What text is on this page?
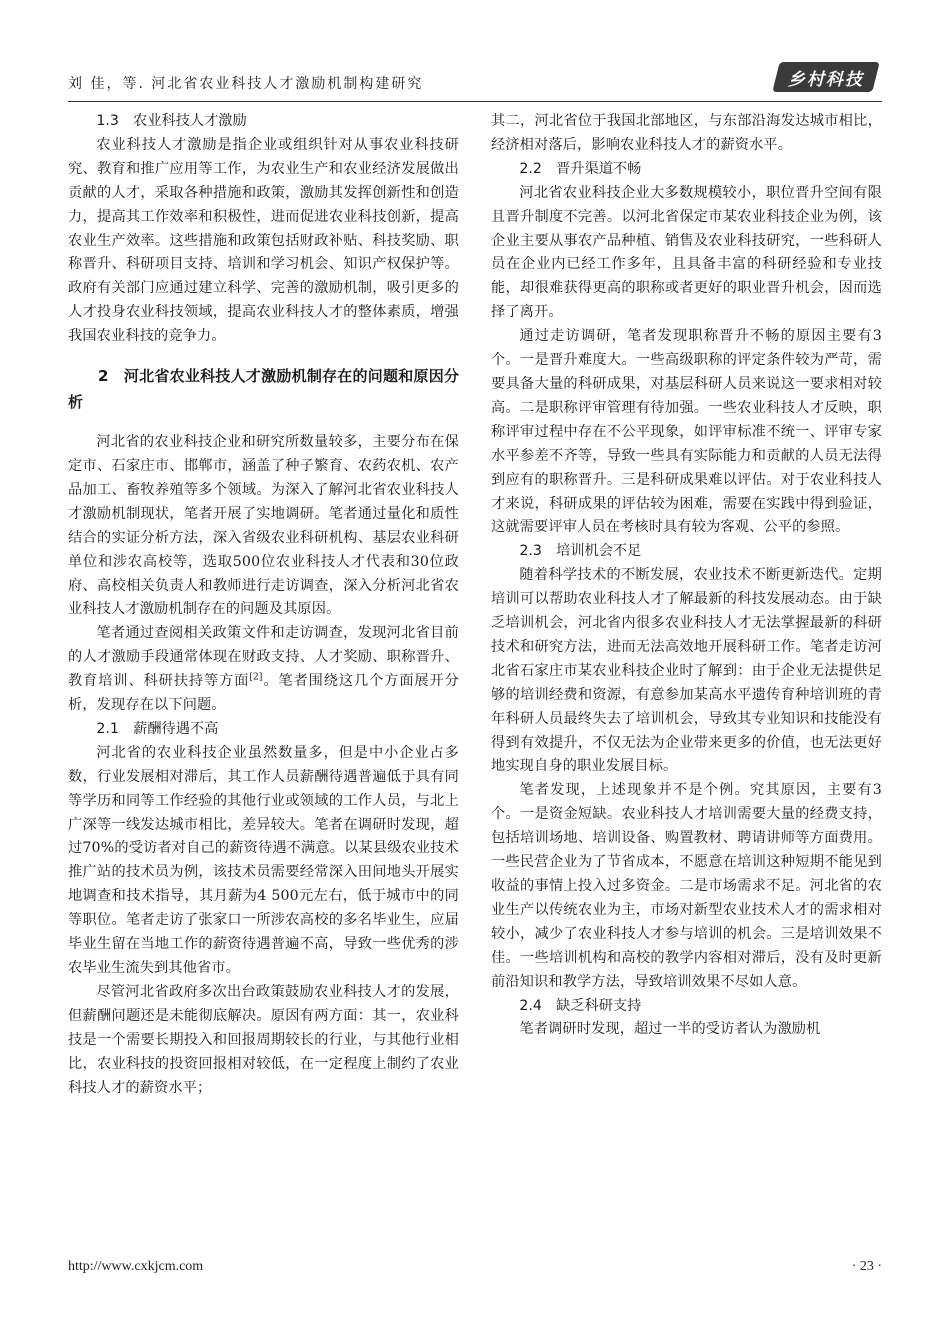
刘 佳，等. 河北省农业科技人才激励机制构建研究	乡村科技

1.3　农业科技人才激励

农业科技人才激励是指企业或组织针对从事农业科技研究、教育和推广应用等工作，为农业生产和农业经济发展做出贡献的人才，采取各种措施和政策，激励其发挥创新性和创造力，提高其工作效率和积极性，进而促进农业科技创新，提高农业生产效率。这些措施和政策包括财政补贴、科技奖励、职称晋升、科研项目支持、培训和学习机会、知识产权保护等。政府有关部门应通过建立科学、完善的激励机制，吸引更多的人才投身农业科技领域，提高农业科技人才的整体素质，增强我国农业科技的竞争力。

2　河北省农业科技人才激励机制存在的问题和原因分析

河北省的农业科技企业和研究所数量较多，主要分布在保定市、石家庄市、邯郸市，涵盖了种子繁育、农药农机、农产品加工、畜牧养殖等多个领域。为深入了解河北省农业科技人才激励机制现状，笔者开展了实地调研。笔者通过量化和质性结合的实证分析方法，深入省级农业科研机构、基层农业科研单位和涉农高校等，选取500位农业科技人才代表和30位政府、高校相关负责人和教师进行走访调查，深入分析河北省农业科技人才激励机制存在的问题及其原因。

笔者通过查阅相关政策文件和走访调查，发现河北省目前的人才激励手段通常体现在财政支持、人才奖励、职称晋升、教育培训、科研扶持等方面[2]。笔者围绕这几个方面展开分析，发现存在以下问题。

2.1　薪酬待遇不高

河北省的农业科技企业虽然数量多，但是中小企业占多数，行业发展相对滞后，其工作人员薪酬待遇普遍低于具有同等学历和同等工作经验的其他行业或领域的工作人员，与北上广深等一线发达城市相比，差异较大。笔者在调研时发现，超过70%的受访者对自己的薪资待遇不满意。以某县级农业技术推广站的技术员为例，该技术员需要经常深入田间地头开展实地调查和技术指导，其月薪为4 500元左右，低于城市中的同等职位。笔者走访了张家口一所涉农高校的多名毕业生，应届毕业生留在当地工作的薪资待遇普遍不高，导致一些优秀的涉农毕业生流失到其他省市。

尽管河北省政府多次出台政策鼓励农业科技人才的发展，但薪酬问题还是未能彻底解决。原因有两方面：其一，农业科技是一个需要长期投入和回报周期较长的行业，与其他行业相比，农业科技的投资回报相对较低，在一定程度上制约了农业科技人才的薪资水平；

其二，河北省位于我国北部地区，与东部沿海发达城市相比，经济相对落后，影响农业科技人才的薪资水平。

2.2　晋升渠道不畅

河北省农业科技企业大多数规模较小，职位晋升空间有限且晋升制度不完善。以河北省保定市某农业科技企业为例，该企业主要从事农产品种植、销售及农业科技研究，一些科研人员在企业内已经工作多年，且具备丰富的科研经验和专业技能，却很难获得更高的职称或者更好的职业晋升机会，因而选择了离开。

通过走访调研，笔者发现职称晋升不畅的原因主要有3个。一是晋升难度大。一些高级职称的评定条件较为严苛，需要具备大量的科研成果，对基层科研人员来说这一要求相对较高。二是职称评审管理有待加强。一些农业科技人才反映，职称评审过程中存在不公平现象，如评审标准不统一、评审专家水平参差不齐等，导致一些具有实际能力和贡献的人员无法得到应有的职称晋升。三是科研成果难以评估。对于农业科技人才来说，科研成果的评估较为困难，需要在实践中得到验证，这就需要评审人员在考核时具有较为客观、公平的参照。

2.3　培训机会不足

随着科学技术的不断发展，农业技术不断更新迭代。定期培训可以帮助农业科技人才了解最新的科技发展动态。由于缺乏培训机会，河北省内很多农业科技人才无法掌握最新的科研技术和研究方法，进而无法高效地开展科研工作。笔者走访河北省石家庄市某农业科技企业时了解到：由于企业无法提供足够的培训经费和资源，有意参加某高水平遗传育种培训班的青年科研人员最终失去了培训机会，导致其专业知识和技能没有得到有效提升，不仅无法为企业带来更多的价值，也无法更好地实现自身的职业发展目标。

笔者发现，上述现象并不是个例。究其原因，主要有3个。一是资金短缺。农业科技人才培训需要大量的经费支持，包括培训场地、培训设备、购置教材、聘请讲师等方面费用。一些民营企业为了节省成本，不愿意在培训这种短期不能见到收益的事情上投入过多资金。二是市场需求不足。河北省的农业生产以传统农业为主，市场对新型农业技术人才的需求相对较小，减少了农业科技人才参与培训的机会。三是培训效果不佳。一些培训机构和高校的教学内容相对滞后，没有及时更新前沿知识和教学方法，导致培训效果不尽如人意。

2.4　缺乏科研支持

笔者调研时发现，超过一半的受访者认为激励机

http://www.cxkjcm.com	· 23 ·
